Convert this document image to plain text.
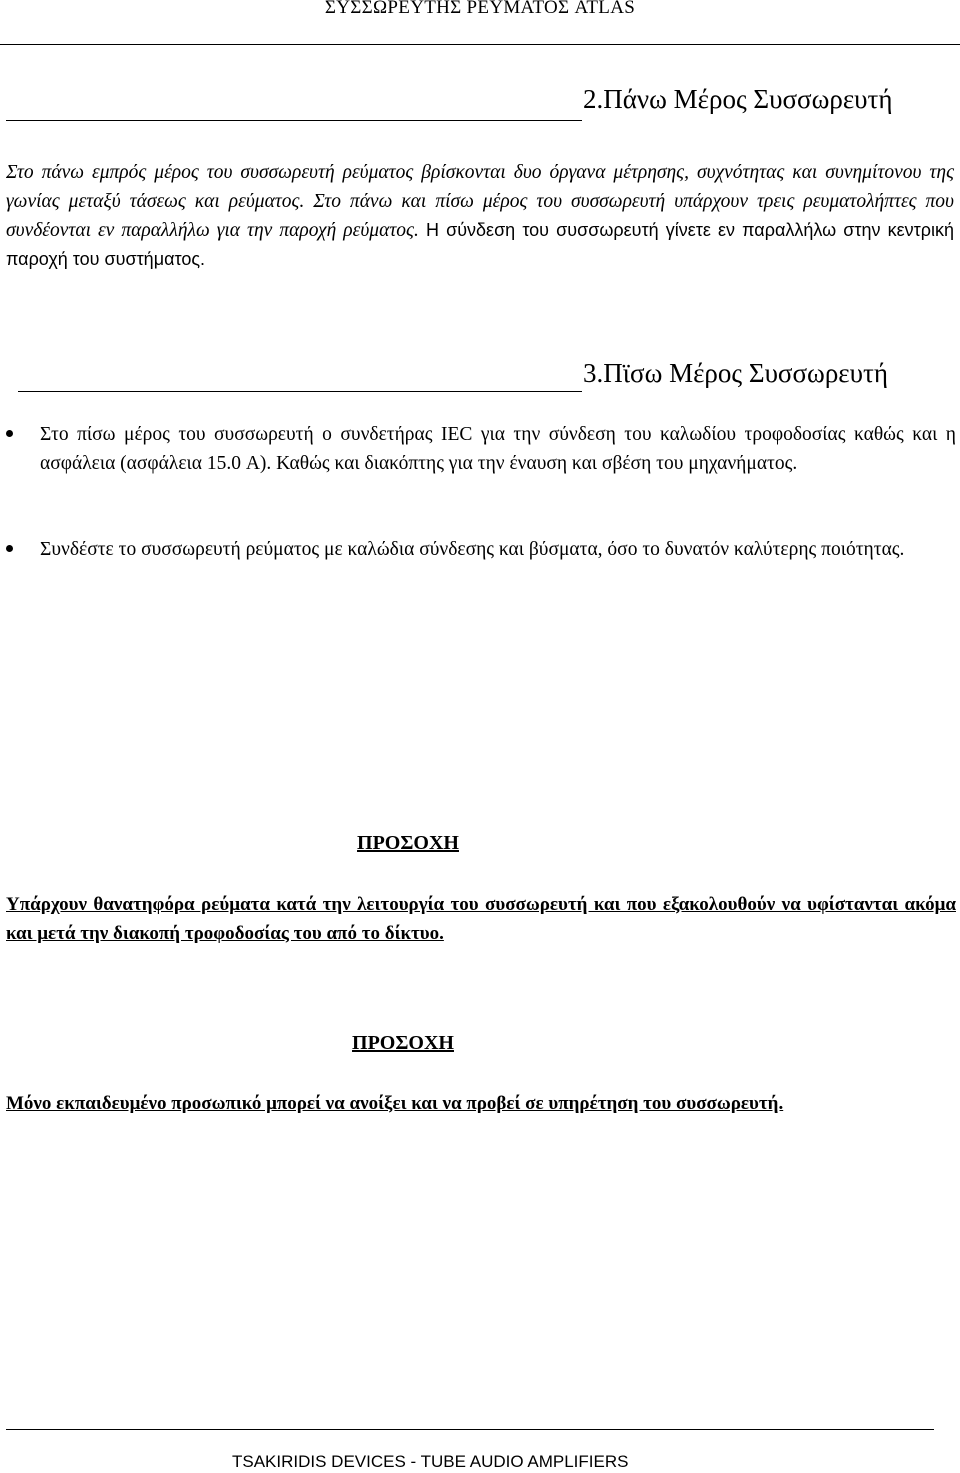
ΣΥΣΣΩΡΕΥΤΗΣ ΡΕΥΜΑΤΟΣ ATLAS
2.Πάνω Μέρος Συσσωρευτή
Στο πάνω εμπρός μέρος του συσσωρευτή ρεύματος βρίσκονται δυο όργανα μέτρησης, συχνότητας και συνημίτονου της γωνίας μεταξύ τάσεως και ρεύματος. Στο πάνω και πίσω μέρος του συσσωρευτή υπάρχουν τρεις ρευματολήπτες που συνδέονται εν παραλλήλω για την παροχή ρεύματος. Η σύνδεση του συσσωρευτή γίνετε εν παραλλήλω στην κεντρική παροχή του συστήματος.
3.Πϊσω Μέρος Συσσωρευτή
Στο πίσω μέρος του συσσωρευτή ο συνδετήρας IEC για την σύνδεση του καλωδίου τροφοδοσίας καθώς και η ασφάλεια (ασφάλεια 15.0 A). Καθώς και διακόπτης για την έναυση και σβέση του μηχανήματος.
Συνδέστε το συσσωρευτή ρεύματος με καλώδια σύνδεσης και βύσματα, όσο το δυνατόν καλύτερης ποιότητας.
ΠΡΟΣΟΧΗ
Υπάρχουν θανατηφόρα ρεύματα κατά την λειτουργία του συσσωρευτή και που εξακολουθούν να υφίστανται ακόμα και μετά την διακοπή τροφοδοσίας του από το δίκτυο.
ΠΡΟΣΟΧΗ
Μόνο εκπαιδευμένο προσωπικό μπορεί να ανοίξει και να προβεί σε υπηρέτηση του συσσωρευτή.
TSAKIRIDIS DEVICES - TUBE AUDIO AMPLIFIERS
